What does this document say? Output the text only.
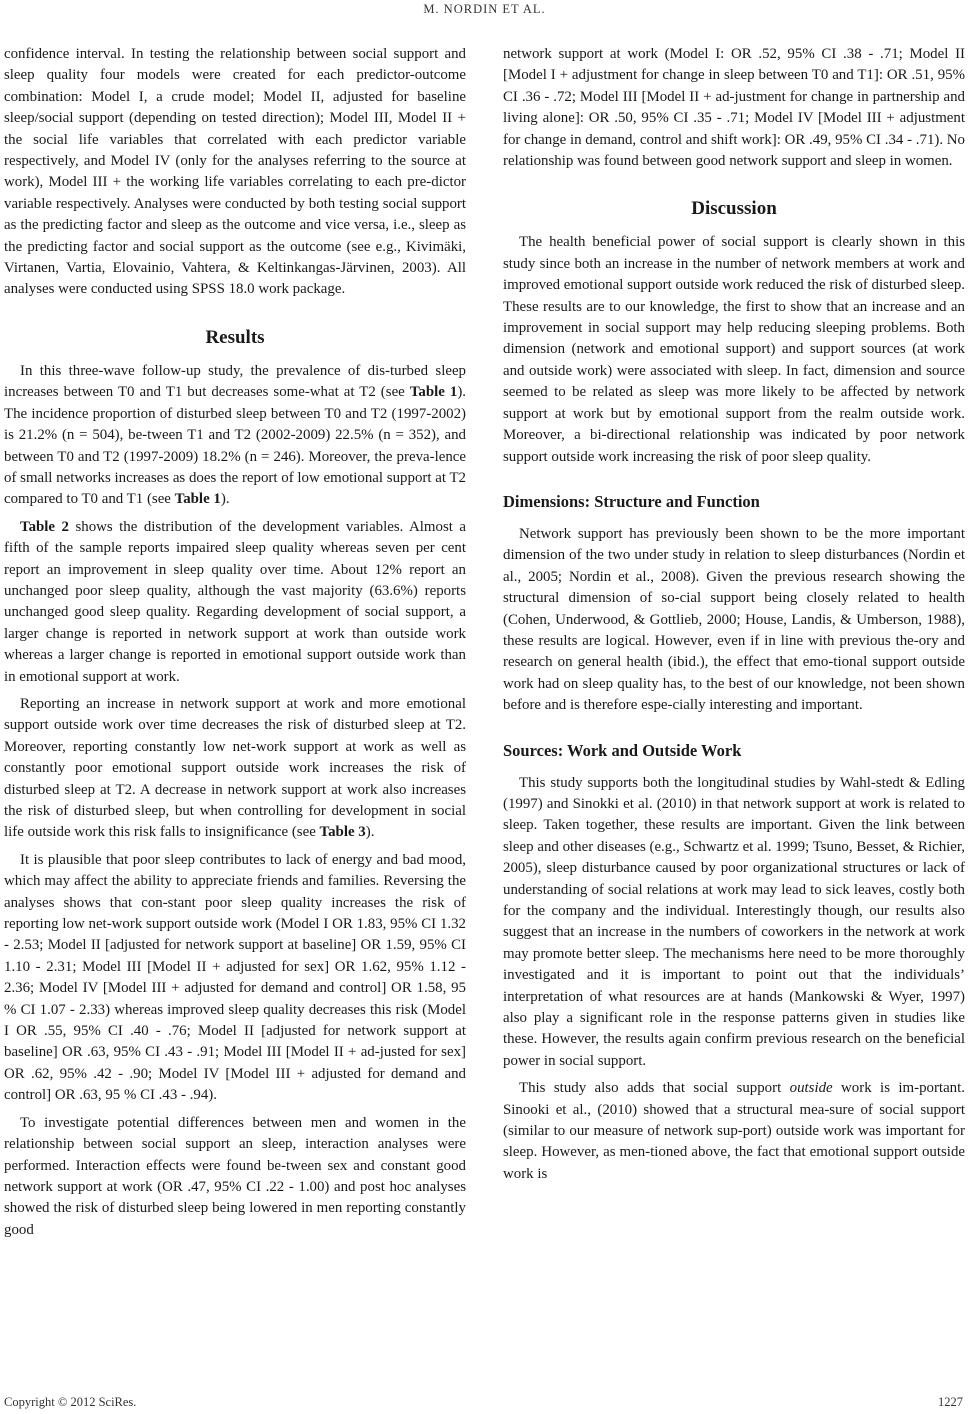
M. NORDIN ET AL.

confidence interval. In testing the relationship between social support and sleep quality four models were created for each predictor-outcome combination: Model I, a crude model; Model II, adjusted for baseline sleep/social support (depending on tested direction); Model III, Model II + the social life variables that correlated with each predictor variable respectively, and Model IV (only for the analyses referring to the source at work), Model III + the working life variables correlating to each pre-dictor variable respectively. Analyses were conducted by both testing social support as the predicting factor and sleep as the outcome and vice versa, i.e., sleep as the predicting factor and social support as the outcome (see e.g., Kivimäki, Virtanen, Vartia, Elovainio, Vahtera, & Keltinkangas-Järvinen, 2003). All analyses were conducted using SPSS 18.0 work package.

Results

In this three-wave follow-up study, the prevalence of dis-turbed sleep increases between T0 and T1 but decreases some-what at T2 (see Table 1). The incidence proportion of disturbed sleep between T0 and T2 (1997-2002) is 21.2% (n = 504), be-tween T1 and T2 (2002-2009) 22.5% (n = 352), and between T0 and T2 (1997-2009) 18.2% (n = 246). Moreover, the preva-lence of small networks increases as does the report of low emotional support at T2 compared to T0 and T1 (see Table 1).

Table 2 shows the distribution of the development variables. Almost a fifth of the sample reports impaired sleep quality whereas seven per cent report an improvement in sleep quality over time. About 12% report an unchanged poor sleep quality, although the vast majority (63.6%) reports unchanged good sleep quality. Regarding development of social support, a larger change is reported in network support at work than outside work whereas a larger change is reported in emotional support outside work than in emotional support at work.

Reporting an increase in network support at work and more emotional support outside work over time decreases the risk of disturbed sleep at T2. Moreover, reporting constantly low net-work support at work as well as constantly poor emotional support outside work increases the risk of disturbed sleep at T2. A decrease in network support at work also increases the risk of disturbed sleep, but when controlling for development in social life outside work this risk falls to insignificance (see Table 3).

It is plausible that poor sleep contributes to lack of energy and bad mood, which may affect the ability to appreciate friends and families. Reversing the analyses shows that con-stant poor sleep quality increases the risk of reporting low net-work support outside work (Model I OR 1.83, 95% CI 1.32 - 2.53; Model II [adjusted for network support at baseline] OR 1.59, 95% CI 1.10 - 2.31; Model III [Model II + adjusted for sex] OR 1.62, 95% 1.12 - 2.36; Model IV [Model III + adjusted for demand and control] OR 1.58, 95 % CI 1.07 - 2.33) whereas improved sleep quality decreases this risk (Model I OR .55, 95% CI .40 - .76; Model II [adjusted for network support at baseline] OR .63, 95% CI .43 - .91; Model III [Model II + ad-justed for sex] OR .62, 95% .42 - .90; Model IV [Model III + adjusted for demand and control] OR .63, 95 % CI .43 - .94).

To investigate potential differences between men and women in the relationship between social support an sleep, interaction analyses were performed. Interaction effects were found be-tween sex and constant good network support at work (OR .47, 95% CI .22 - 1.00) and post hoc analyses showed the risk of disturbed sleep being lowered in men reporting constantly good

network support at work (Model I: OR .52, 95% CI .38 - .71; Model II [Model I + adjustment for change in sleep between T0 and T1]: OR .51, 95% CI .36 - .72; Model III [Model II + ad-justment for change in partnership and living alone]: OR .50, 95% CI .35 - .71; Model IV [Model III + adjustment for change in demand, control and shift work]: OR .49, 95% CI .34 - .71). No relationship was found between good network support and sleep in women.

Discussion

The health beneficial power of social support is clearly shown in this study since both an increase in the number of network members at work and improved emotional support outside work reduced the risk of disturbed sleep. These results are to our knowledge, the first to show that an increase and an improvement in social support may help reducing sleeping problems. Both dimension (network and emotional support) and support sources (at work and outside work) were associated with sleep. In fact, dimension and source seemed to be related as sleep was more likely to be affected by network support at work but by emotional support from the realm outside work. Moreover, a bi-directional relationship was indicated by poor network support outside work increasing the risk of poor sleep quality.

Dimensions: Structure and Function

Network support has previously been shown to be the more important dimension of the two under study in relation to sleep disturbances (Nordin et al., 2005; Nordin et al., 2008). Given the previous research showing the structural dimension of so-cial support being closely related to health (Cohen, Underwood, & Gottlieb, 2000; House, Landis, & Umberson, 1988), these results are logical. However, even if in line with previous the-ory and research on general health (ibid.), the effect that emo-tional support outside work had on sleep quality has, to the best of our knowledge, not been shown before and is therefore espe-cially interesting and important.

Sources: Work and Outside Work

This study supports both the longitudinal studies by Wahl-stedt & Edling (1997) and Sinokki et al. (2010) in that network support at work is related to sleep. Taken together, these results are important. Given the link between sleep and other diseases (e.g., Schwartz et al. 1999; Tsuno, Besset, & Richier, 2005), sleep disturbance caused by poor organizational structures or lack of understanding of social relations at work may lead to sick leaves, costly both for the company and the individual. Interestingly though, our results also suggest that an increase in the numbers of coworkers in the network at work may promote better sleep. The mechanisms here need to be more thoroughly investigated and it is important to point out that the individuals’ interpretation of what resources are at hands (Mankowski & Wyer, 1997) also play a significant role in the response patterns given in studies like these. However, the results again confirm previous research on the beneficial power in social support.

This study also adds that social support outside work is im-portant. Sinooki et al., (2010) showed that a structural mea-sure of social support (similar to our measure of network sup-port) outside work was important for sleep. However, as men-tioned above, the fact that emotional support outside work is

Copyright © 2012 SciRes.	1227
